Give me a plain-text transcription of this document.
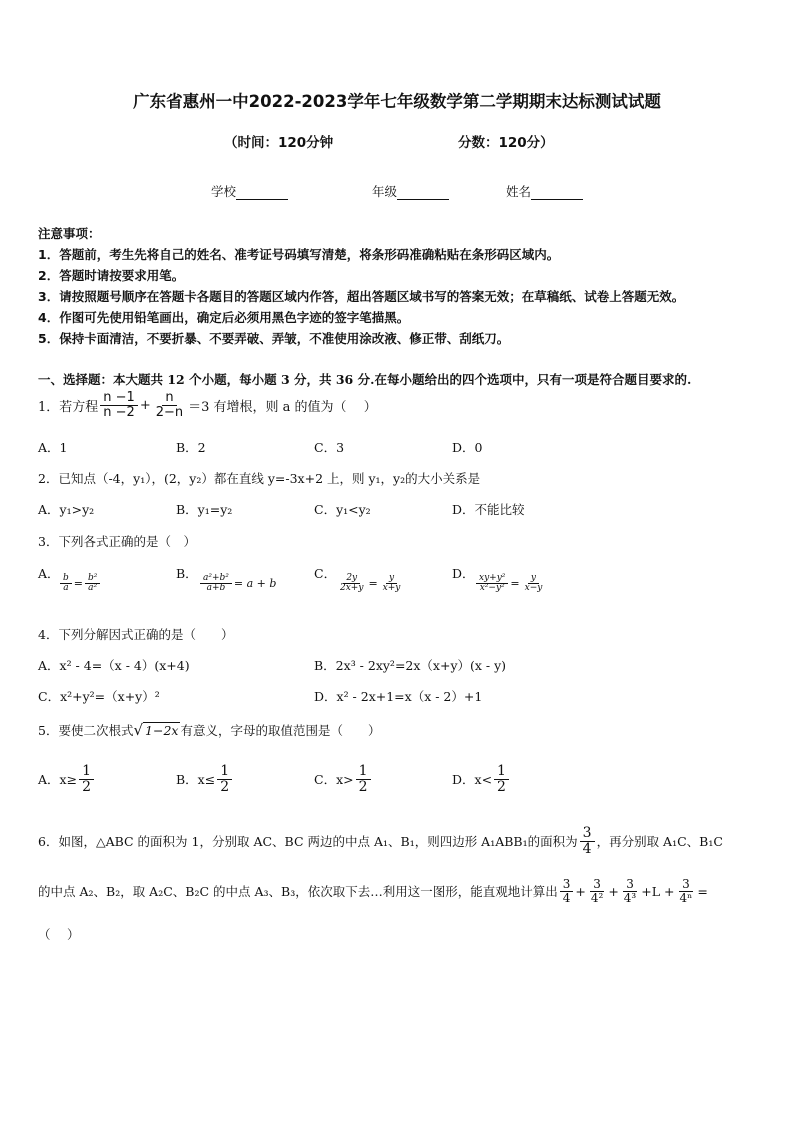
广东省惠州一中2022-2023学年七年级数学第二学期期末达标测试试题
（时间：120分钟	分数：120分）
学校	年级	姓名
注意事项：
1．答题前，考生先将自己的姓名、准考证号码填写清楚，将条形码准确粘贴在条形码区域内。
2．答题时请按要求用笔。
3．请按照题号顺序在答题卡各题目的答题区域内作答，超出答题区域书写的答案无效；在草稿纸、试卷上答题无效。
4．作图可先使用铅笔画出，确定后必须用黑色字迹的签字笔描黑。
5．保持卡面清洁，不要折暴、不要弄破、弄皱，不准使用涂改液、修正带、刮纸刀。
一、选择题：本大题共 12 个小题，每小题 3 分，共 36 分.在每小题给出的四个选项中，只有一项是符合题目要求的.
1．若方程 $\frac{n -1}{n -2} + \frac{n}{2-n} =3$ 有增根，则 a 的值为（　 ）
A．1	B．2	C．3	D．0
2．已知点（-4，y₁），(2，y₂）都在直线 y=-3x+2 上，则 y₁，y₂的大小关系是
A．y₁>y₂	B．y₁=y₂	C．y₁<y₂	D．不能比较
3．下列各式正确的是（　）
A．
$\frac{b}{a} = \frac{\text{b²}}{\text{a²}}$
B．
$\frac{\text{a²+b²}}{a+b} = a + b$
C．
$\frac{2y}{2x+y} = \frac{y}{x+y}$
D．
$\frac{\text{xy+y²}}{\text{x²−y²}} = \frac{y}{x-y}$
4．下列分解因式正确的是（　　）
A．x² - 4=（x - 4）(x+4)	B．2x³ - 2xy²=2x（x+y）(x - y)
C．x²+y²=（x+y）²	D．x² - 2x+1=x（x - 2）+1
5．要使二次根式 √ 1−2x 有意义，字母的取值范围是（　　）
A．$x\ge \frac{1}{2}$	B．$x\le \frac{1}{2}$	C．$x> \frac{1}{2}$	D．$x< \frac{1}{2}$
6．如图，△ABC 的面积为 1，分别取 AC、BC 两边的中点 A₁、B₁，则四边形 A₁ABB₁的面积为 $\frac{3}{4}$ ，再分别取 A₁C、B₁C
的中点 A₂、B₂，取 A₂C、B₂C 的中点 A₃、B₃，依次取下去…利用这一图形，能直观地计算出 $\frac{3}{4} + \frac{3}{\text{4²}} + \frac{3}{\text{4³}} +L + \frac{3}{\text{4ⁿ}}$ =
（　 ）
